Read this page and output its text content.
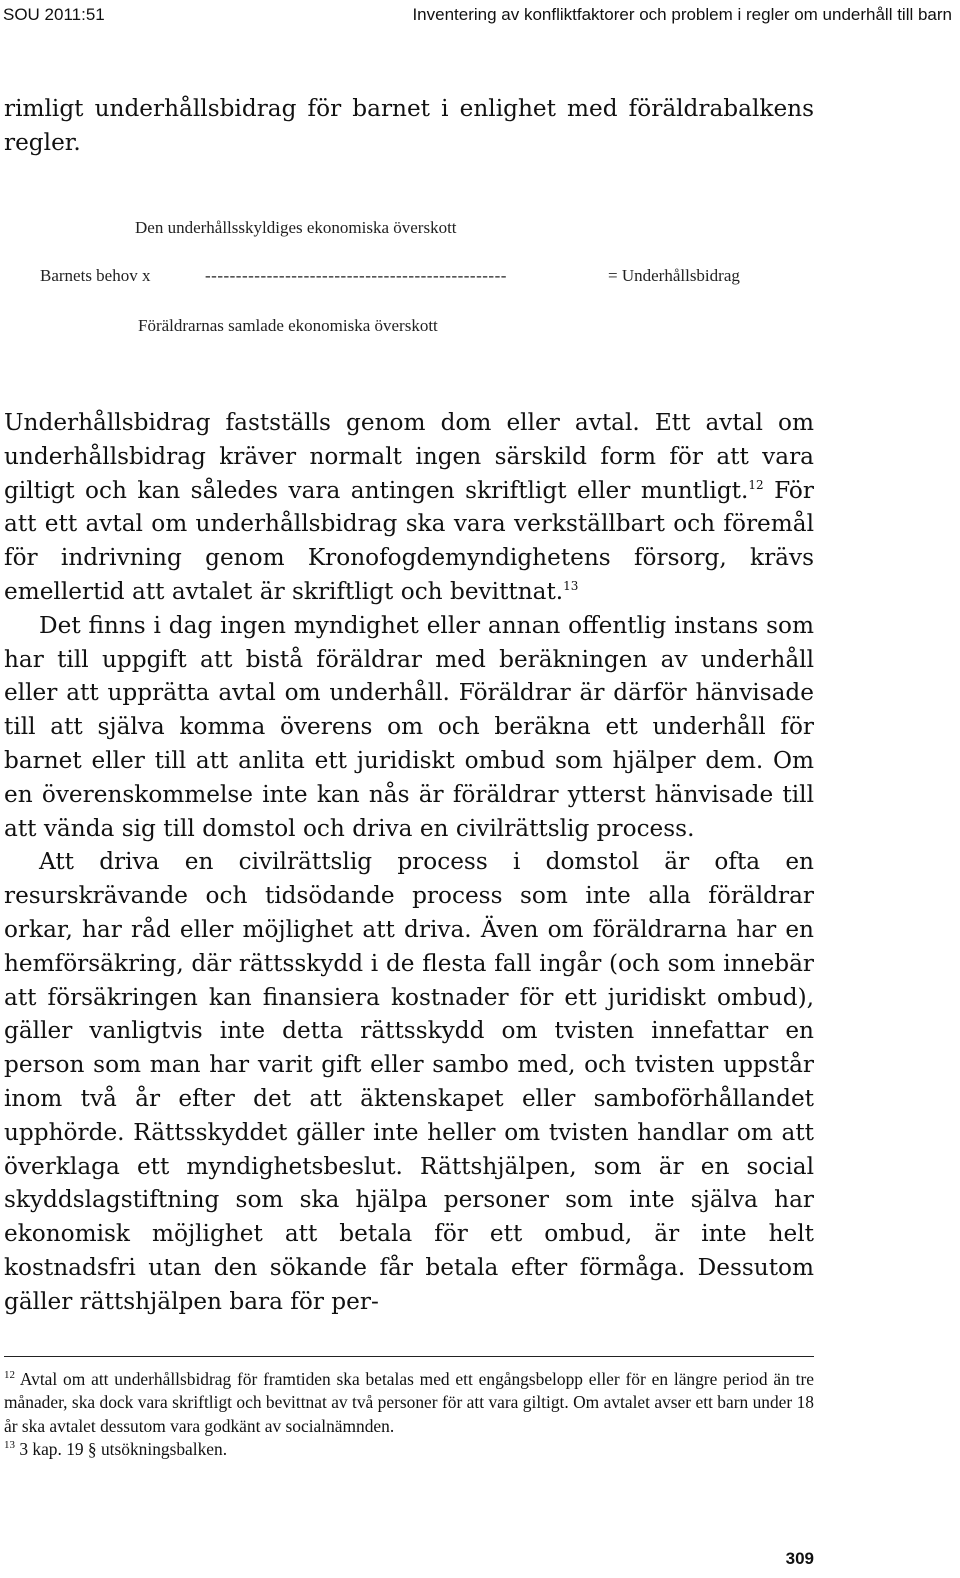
SOU 2011:51	Inventering av konfliktfaktorer och problem i regler om underhåll till barn

rimligt underhållsbidrag för barnet i enlighet med föräldrabalkens regler.

Den underhållsskyldiges ekonomiska överskott
Barnets behov x	-------------------------------------------------	= Underhållsbidrag
Föräldrarnas samlade ekonomiska överskott

Underhållsbidrag fastställs genom dom eller avtal. Ett avtal om underhållsbidrag kräver normalt ingen särskild form för att vara giltigt och kan således vara antingen skriftligt eller muntligt.$^{12}$ För att ett avtal om underhållsbidrag ska vara verkställbart och föremål för indrivning genom Kronofogdemyndighetens försorg, krävs emellertid att avtalet är skriftligt och bevittnat.$^{13}$

Det finns i dag ingen myndighet eller annan offentlig instans som har till uppgift att bistå föräldrar med beräkningen av underhåll eller att upprätta avtal om underhåll. Föräldrar är därför hänvisade till att själva komma överens om och beräkna ett underhåll för barnet eller till att anlita ett juridiskt ombud som hjälper dem. Om en överenskommelse inte kan nås är föräldrar ytterst hänvisade till att vända sig till domstol och driva en civilrättslig process.

Att driva en civilrättslig process i domstol är ofta en resurskrävande och tidsödande process som inte alla föräldrar orkar, har råd eller möjlighet att driva. Även om föräldrarna har en hemförsäkring, där rättsskydd i de flesta fall ingår (och som innebär att försäkringen kan finansiera kostnader för ett juridiskt ombud), gäller vanligtvis inte detta rättsskydd om tvisten innefattar en person som man har varit gift eller sambo med, och tvisten uppstår inom två år efter det att äktenskapet eller samboförhållandet upphörde. Rättsskyddet gäller inte heller om tvisten handlar om att överklaga ett myndighetsbeslut. Rättshjälpen, som är en social skyddslagstiftning som ska hjälpa personer som inte själva har ekonomisk möjlighet att betala för ett ombud, är inte helt kostnadsfri utan den sökande får betala efter förmåga. Dessutom gäller rättshjälpen bara för per-

$^{12}$ Avtal om att underhållsbidrag för framtiden ska betalas med ett engångsbelopp eller för en längre period än tre månader, ska dock vara skriftligt och bevittnat av två personer för att vara giltigt. Om avtalet avser ett barn under 18 år ska avtalet dessutom vara godkänt av socialnämnden.

$^{13}$ 3 kap. 19 § utsökningsbalken.

309
